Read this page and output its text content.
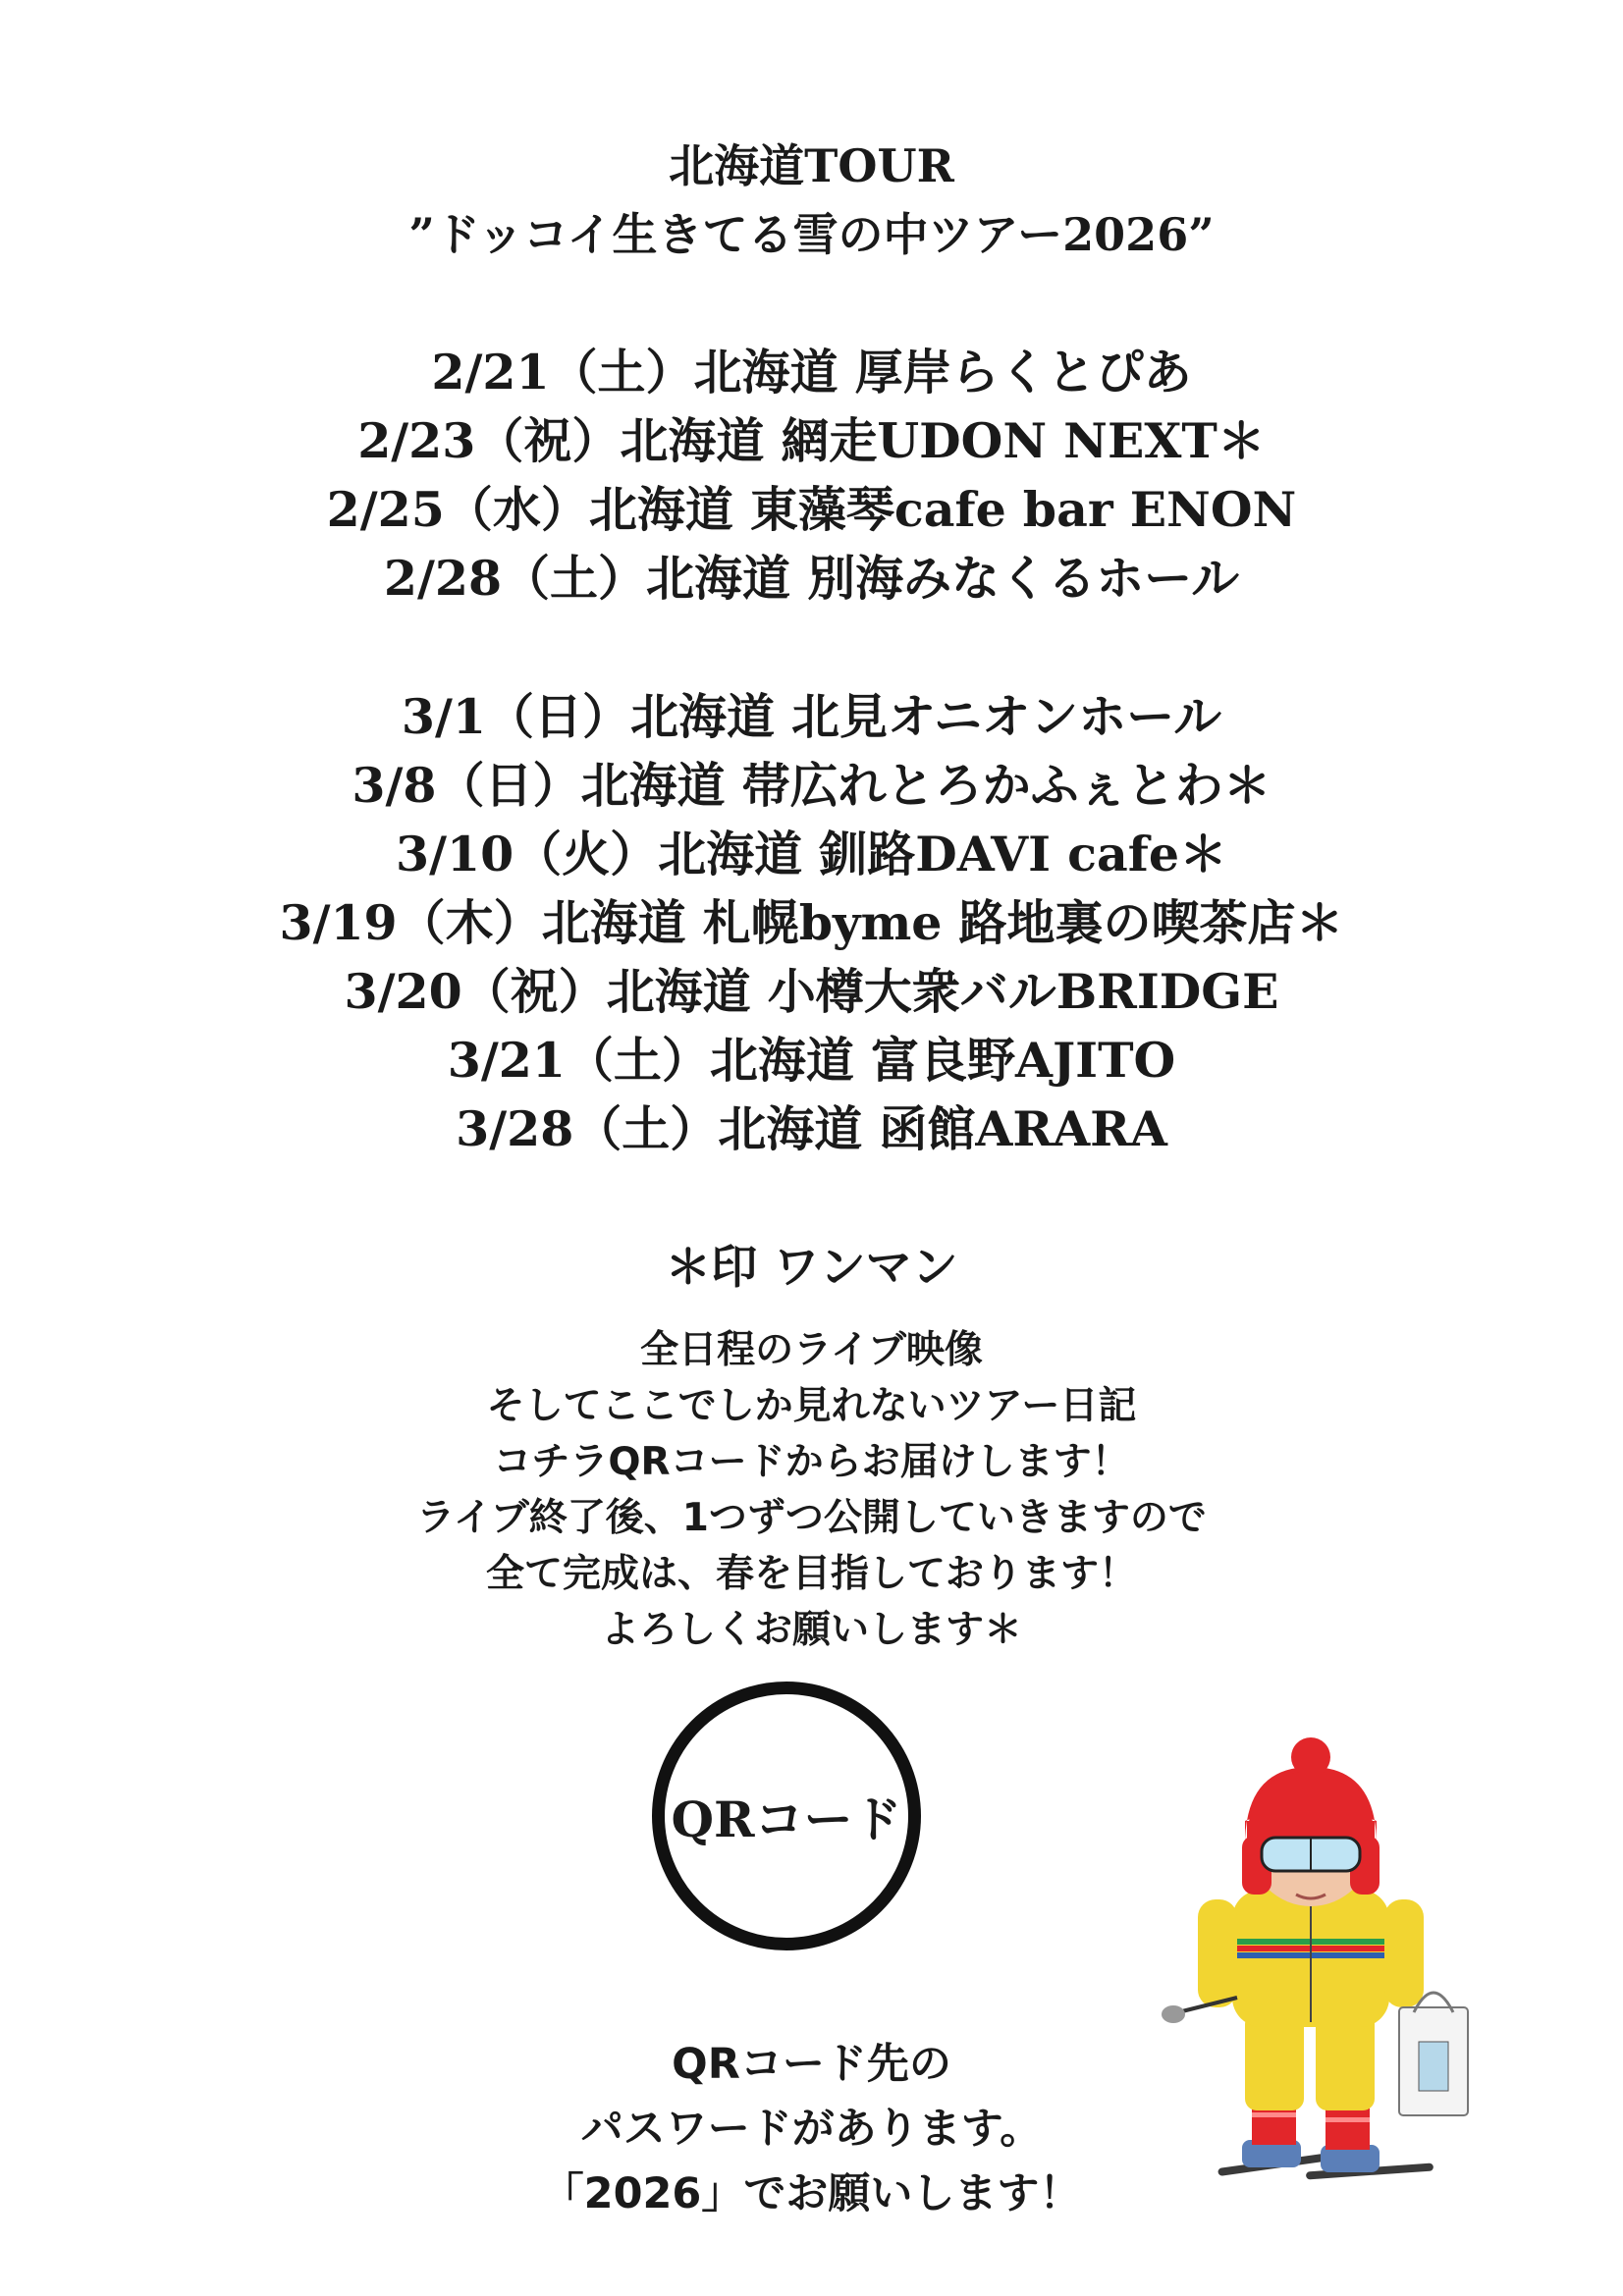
北海道TOUR
”ドッコイ生きてる雪の中ツアー2026”
2/21（土）北海道 厚岸らくとぴあ
2/23（祝）北海道 網走UDON NEXT＊
2/25（水）北海道 東藻琴cafe bar ENON
2/28（土）北海道 別海みなくるホール
3/1（日）北海道 北見オニオンホール
3/8（日）北海道 帯広れとろかふぇとわ＊
3/10（火）北海道 釧路DAVI cafe＊
3/19（木）北海道 札幌byme 路地裏の喫茶店＊
3/20（祝）北海道 小樽大衆バルBRIDGE
3/21（土）北海道 富良野AJITO
3/28（土）北海道 函館ARARA
＊印 ワンマン
全日程のライブ映像
そしてここでしか見れないツアー日記
コチラQRコードからお届けします！
ライブ終了後、1つずつ公開していきますので
全て完成は、春を目指しております！
よろしくお願いします＊
QRコード
QRコード先の
パスワードがあります。
「2026」でお願いします！
